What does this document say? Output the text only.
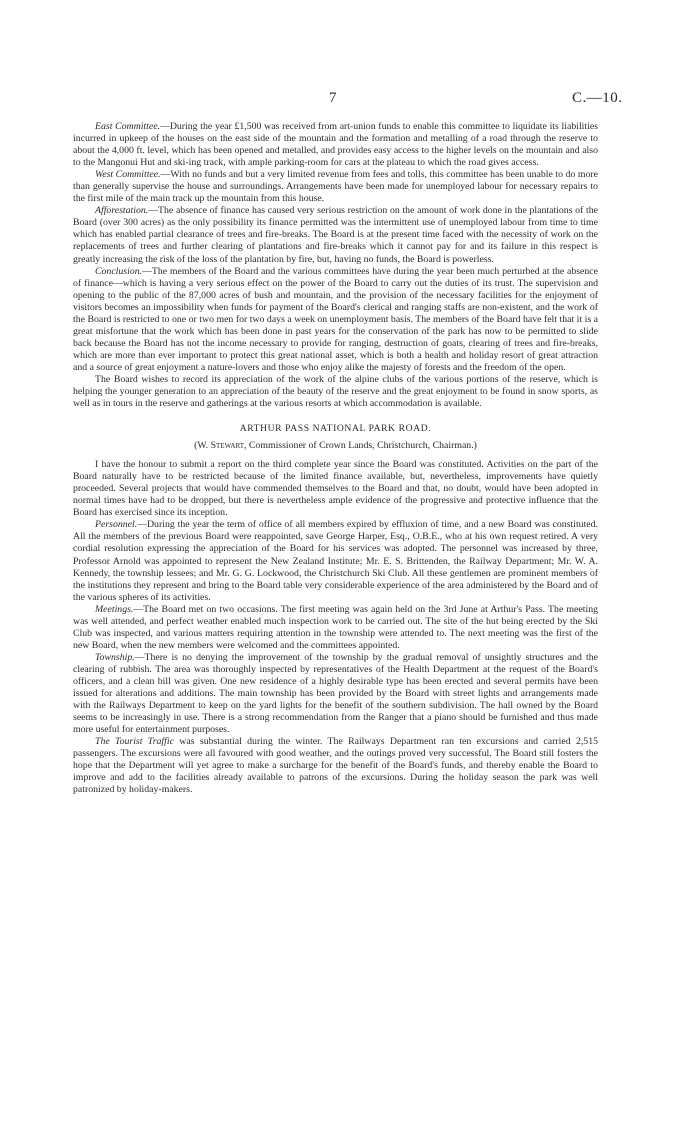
7	C.—10.

East Committee.—During the year £1,500 was received from art-union funds to enable this committee to liquidate its liabilities incurred in upkeep of the houses on the east side of the mountain and the formation and metalling of a road through the reserve to about the 4,000 ft. level, which has been opened and metalled, and provides easy access to the higher levels on the mountain and also to the Mangonui Hut and ski-ing track, with ample parking-room for cars at the plateau to which the road gives access.

West Committee.—With no funds and but a very limited revenue from fees and tolls, this committee has been unable to do more than generally supervise the house and surroundings. Arrangements have been made for unemployed labour for necessary repairs to the first mile of the main track up the mountain from this house.

Afforestation.—The absence of finance has caused very serious restriction on the amount of work done in the plantations of the Board (over 300 acres) as the only possibility its finance permitted was the intermittent use of unemployed labour from time to time which has enabled partial clearance of trees and fire-breaks. The Board is at the present time faced with the necessity of work on the replacements of trees and further clearing of plantations and fire-breaks which it cannot pay for and its failure in this respect is greatly increasing the risk of the loss of the plantation by fire, but, having no funds, the Board is powerless.

Conclusion.—The members of the Board and the various committees have during the year been much perturbed at the absence of finance—which is having a very serious effect on the power of the Board to carry out the duties of its trust. The supervision and opening to the public of the 87,000 acres of bush and mountain, and the provision of the necessary facilities for the enjoyment of visitors becomes an impossibility when funds for payment of the Board's clerical and ranging staffs are non-existent, and the work of the Board is restricted to one or two men for two days a week on unemployment basis. The members of the Board have felt that it is a great misfortune that the work which has been done in past years for the conservation of the park has now to be permitted to slide back because the Board has not the income necessary to provide for ranging, destruction of goats, clearing of trees and fire-breaks, which are more than ever important to protect this great national asset, which is both a health and holiday resort of great attraction and a source of great enjoyment a nature-lovers and those who enjoy alike the majesty of forests and the freedom of the open.

The Board wishes to record its appreciation of the work of the alpine clubs of the various portions of the reserve, which is helping the younger generation to an appreciation of the beauty of the reserve and the great enjoyment to be found in snow sports, as well as in tours in the reserve and gatherings at the various resorts at which accommodation is available.

ARTHUR PASS NATIONAL PARK ROAD.
(W. Stewart, Commissioner of Crown Lands, Christchurch, Chairman.)

I have the honour to submit a report on the third complete year since the Board was constituted. Activities on the part of the Board naturally have to be restricted because of the limited finance available, but, nevertheless, improvements have quietly proceeded. Several projects that would have commended themselves to the Board and that, no doubt, would have been adopted in normal times have had to be dropped, but there is nevertheless ample evidence of the progressive and protective influence that the Board has exercised since its inception.

Personnel.—During the year the term of office of all members expired by effluxion of time, and a new Board was constituted. All the members of the previous Board were reappointed, save George Harper, Esq., O.B.E., who at his own request retired. A very cordial resolution expressing the appreciation of the Board for his services was adopted. The personnel was increased by three, Professor Arnold was appointed to represent the New Zealand Institute; Mr. E. S. Brittenden, the Railway Department; Mr. W. A. Kennedy, the township lessees; and Mr. G. G. Lockwood, the Christchurch Ski Club. All these gentlemen are prominent members of the institutions they represent and bring to the Board table very considerable experience of the area administered by the Board and of the various spheres of its activities.

Meetings.—The Board met on two occasions. The first meeting was again held on the 3rd June at Arthur's Pass. The meeting was well attended, and perfect weather enabled much inspection work to be carried out. The site of the hut being erected by the Ski Club was inspected, and various matters requiring attention in the township were attended to. The next meeting was the first of the new Board, when the new members were welcomed and the committees appointed.

Township.—There is no denying the improvement of the township by the gradual removal of unsightly structures and the clearing of rubbish. The area was thoroughly inspected by representatives of the Health Department at the request of the Board's officers, and a clean bill was given. One new residence of a highly desirable type has been erected and several permits have been issued for alterations and additions. The main township has been provided by the Board with street lights and arrangements made with the Railways Department to keep on the yard lights for the benefit of the southern subdivision. The hall owned by the Board seems to be increasingly in use. There is a strong recommendation from the Ranger that a piano should be furnished and thus made more useful for entertainment purposes.

The Tourist Traffic was substantial during the winter. The Railways Department ran ten excursions and carried 2,515 passengers. The excursions were all favoured with good weather, and the outings proved very successful. The Board still fosters the hope that the Department will yet agree to make a surcharge for the benefit of the Board's funds, and thereby enable the Board to improve and add to the facilities already available to patrons of the excursions. During the holiday season the park was well patronized by holiday-makers.
